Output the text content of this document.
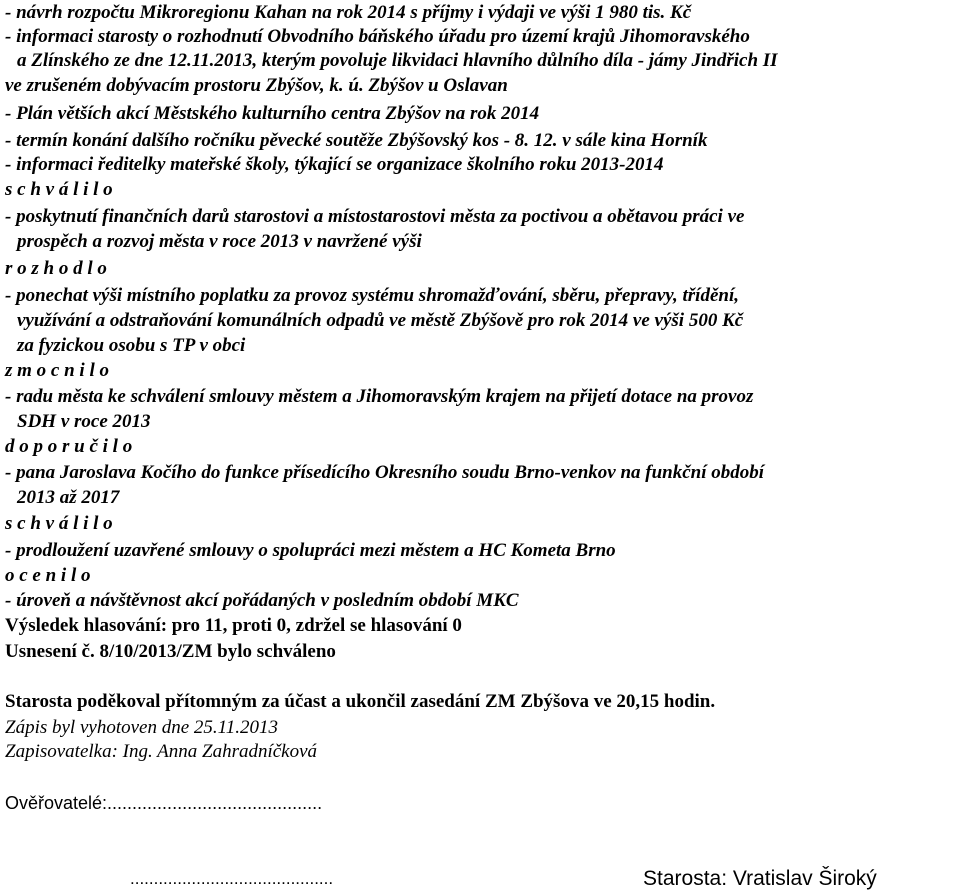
- návrh rozpočtu Mikroregionu Kahan na rok 2014 s příjmy i výdaji ve výši 1 980 tis. Kč
- informaci starosty o rozhodnutí Obvodního báňského úřadu pro území krajů Jihomoravského
a Zlínského ze dne 12.11.2013, kterým povoluje likvidaci hlavního důlního díla - jámy Jindřich II
ve zrušeném dobývacím prostoru Zbýšov, k. ú. Zbýšov u Oslavan
- Plán větších akcí Městského kulturního centra Zbýšov na rok 2014
- termín konání dalšího ročníku pěvecké soutěže Zbýšovský kos - 8. 12. v sále kina Horník
- informaci ředitelky mateřské školy, týkající se organizace školního roku 2013-2014
s c h v á l i l o
- poskytnutí finančních darů starostovi a místostarostovi města za poctivou a obětavou práci ve
prospěch a rozvoj města v roce 2013 v navržené výši
r o z h o d l o
- ponechat výši místního poplatku za provoz systému shromažďování, sběru, přepravy, třídění,
využívání a odstraňování komunálních odpadů ve městě Zbýšově pro rok 2014 ve výši 500 Kč
za fyzickou osobu s TP v obci
z m o c n i l o
- radu města ke schválení smlouvy městem a Jihomoravským krajem na přijetí dotace na provoz
SDH v roce 2013
d o p o r u č i l o
- pana Jaroslava Kočího do funkce přísedícího Okresního soudu Brno-venkov na funkční období
2013 až 2017
s c h v á l i l o
- prodloužení uzavřené smlouvy o spolupráci mezi městem a HC Kometa Brno
o c e n i l o
- úroveň a návštěvnost akcí pořádaných v posledním období MKC
Výsledek hlasování: pro 11, proti 0, zdržel se hlasování 0
Usnesení č. 8/10/2013/ZM bylo schváleno
Starosta poděkoval přítomným za účast a ukončil zasedání ZM Zbýšova ve 20,15 hodin.
Zápis byl vyhotoven dne 25.11.2013
Zapisovatelka: Ing. Anna Zahradníčková
Ověřovatelé:...........................................
...........................................	Starosta: Vratislav Široký
